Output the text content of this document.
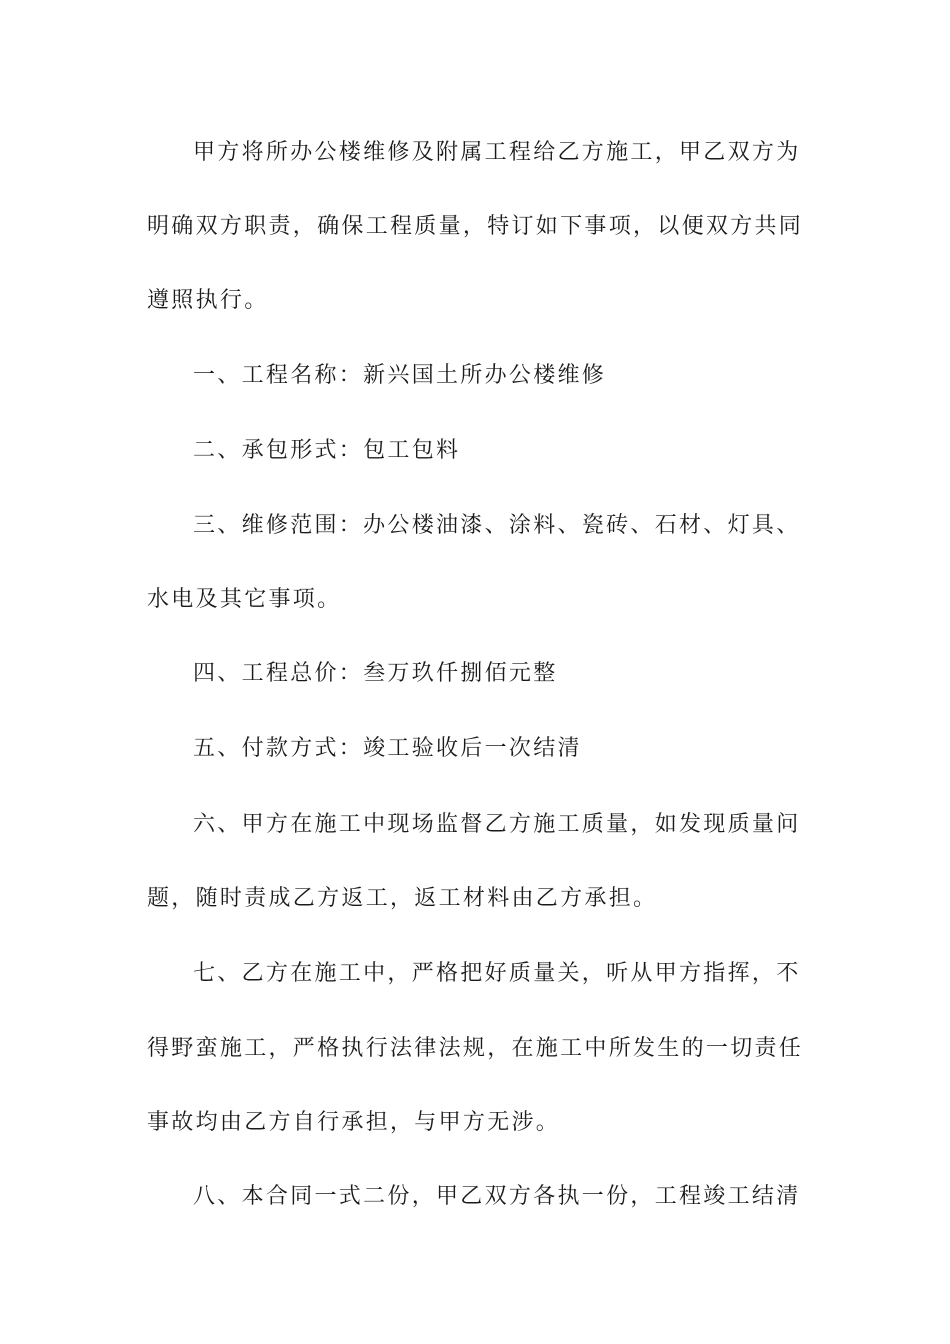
甲方将所办公楼维修及附属工程给乙方施工，甲乙双方为
明确双方职责，确保工程质量，特订如下事项，以便双方共同
遵照执行。
一、工程名称：新兴国土所办公楼维修
二、承包形式：包工包料
三、维修范围：办公楼油漆、涂料、瓷砖、石材、灯具、
水电及其它事项。
四、工程总价：叁万玖仟捌佰元整
五、付款方式：竣工验收后一次结清
六、甲方在施工中现场监督乙方施工质量，如发现质量问
题，随时责成乙方返工，返工材料由乙方承担。
七、乙方在施工中，严格把好质量关，听从甲方指挥，不
得野蛮施工，严格执行法律法规，在施工中所发生的一切责任
事故均由乙方自行承担，与甲方无涉。
八、本合同一式二份，甲乙双方各执一份，工程竣工结清
